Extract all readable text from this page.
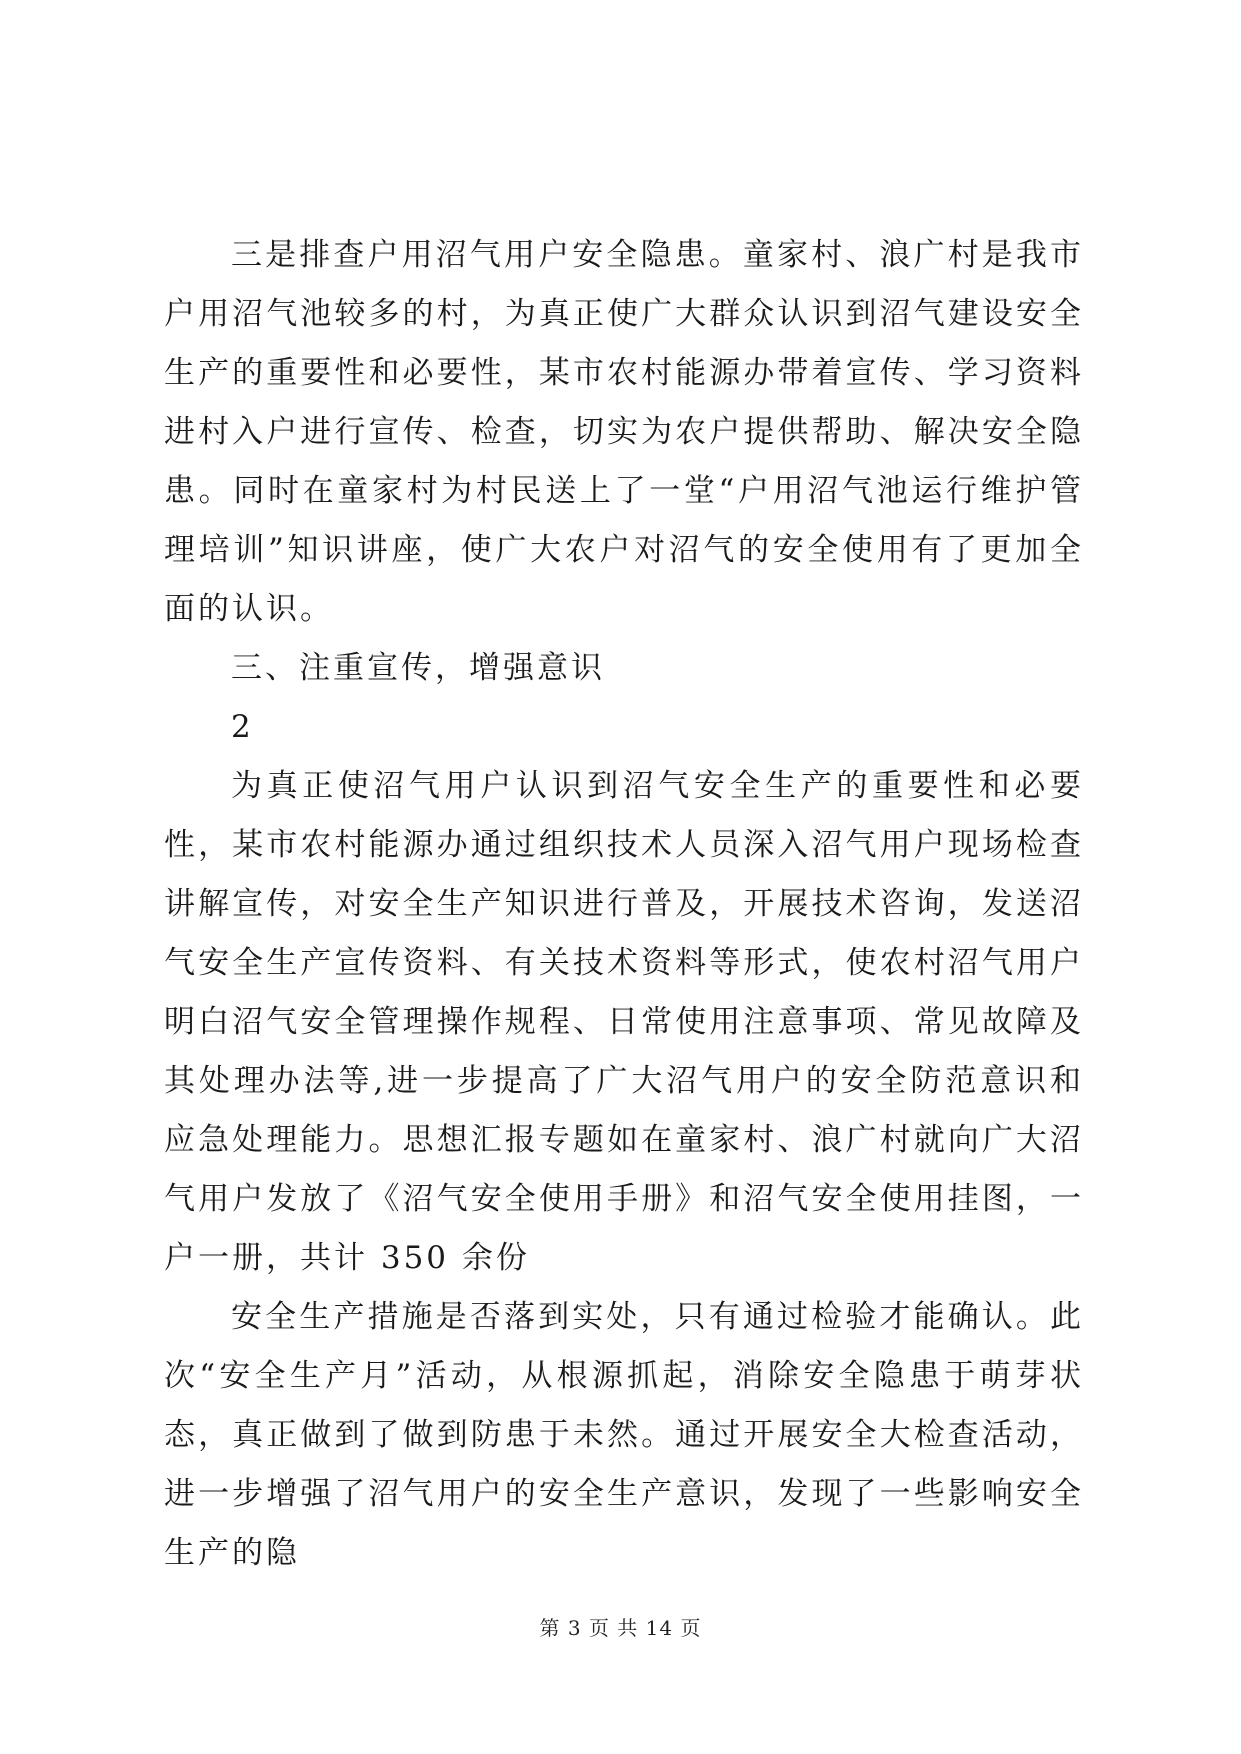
三是排查户用沼气用户安全隐患。童家村、浪广村是我市户用沼气池较多的村，为真正使广大群众认识到沼气建设安全生产的重要性和必要性，某市农村能源办带着宣传、学习资料进村入户进行宣传、检查，切实为农户提供帮助、解决安全隐患。同时在童家村为村民送上了一堂“户用沼气池运行维护管理培训”知识讲座，使广大农户对沼气的安全使用有了更加全面的认识。

三、注重宣传，增强意识

2

为真正使沼气用户认识到沼气安全生产的重要性和必要性，某市农村能源办通过组织技术人员深入沼气用户现场检查讲解宣传，对安全生产知识进行普及，开展技术咨询，发送沼气安全生产宣传资料、有关技术资料等形式，使农村沼气用户明白沼气安全管理操作规程、日常使用注意事项、常见故障及其处理办法等,进一步提高了广大沼气用户的安全防范意识和应急处理能力。思想汇报专题如在童家村、浪广村就向广大沼气用户发放了《沼气安全使用手册》和沼气安全使用挂图，一户一册，共计 350 余份

安全生产措施是否落到实处，只有通过检验才能确认。此次“安全生产月”活动，从根源抓起，消除安全隐患于萌芽状态，真正做到了做到防患于未然。通过开展安全大检查活动，进一步增强了沼气用户的安全生产意识，发现了一些影响安全生产的隐

第 3 页 共 14 页
